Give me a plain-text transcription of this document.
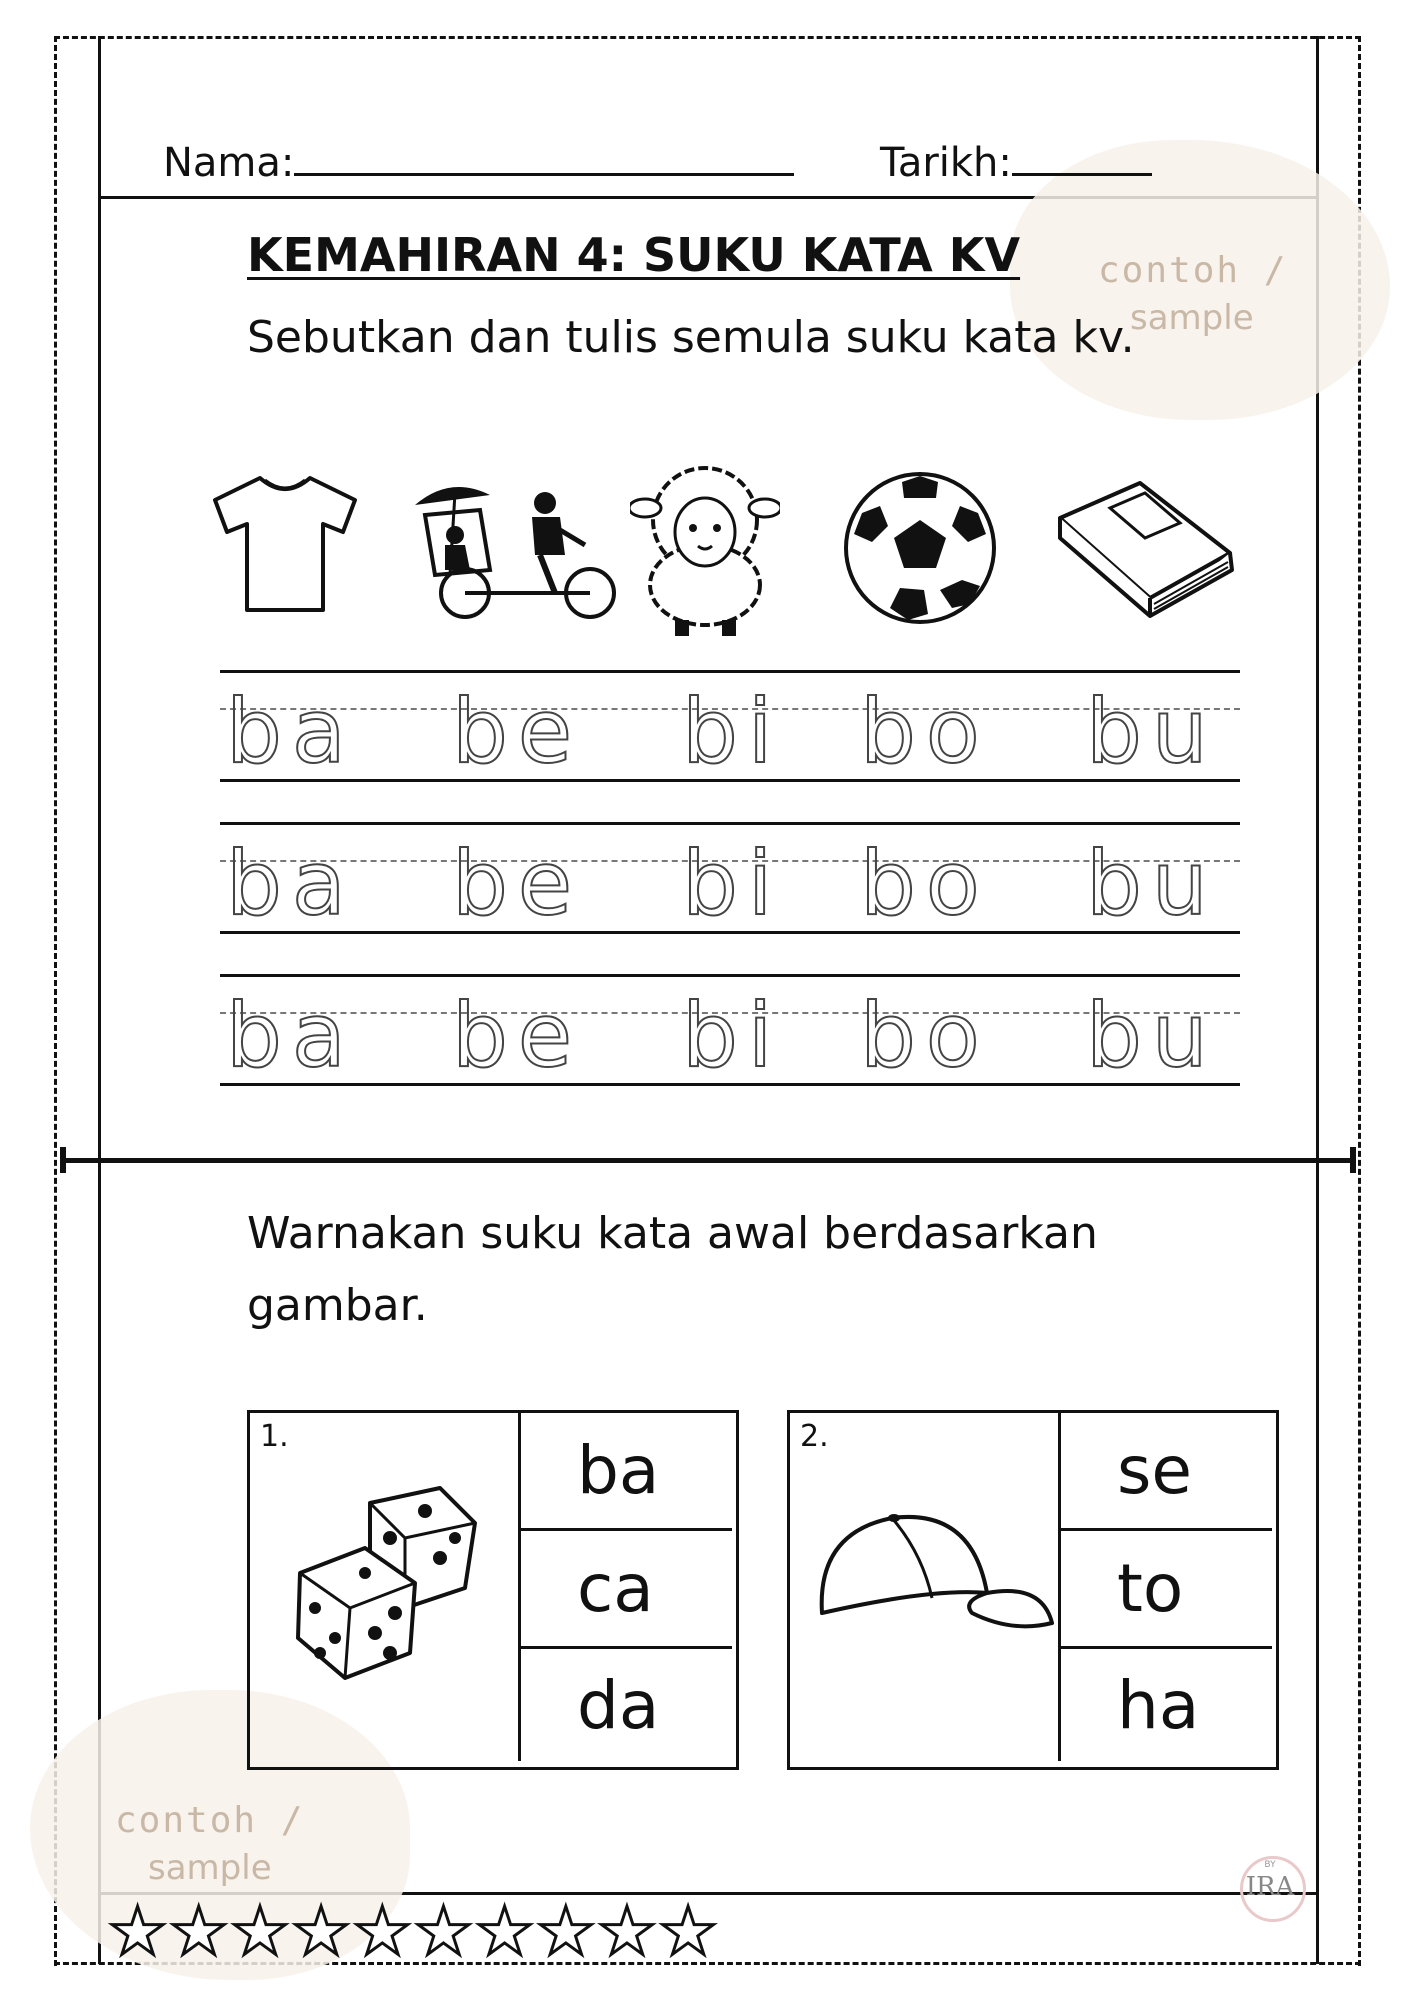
Nama:	Tarikh:
KEMAHIRAN 4: SUKU KATA KV
Sebutkan dan tulis semula suku kata kv.
contoh /
sample
ba be bi bo bu
ba be bi bo bu
ba be bi bo bu
Warnakan suku kata awal berdasarkan
gambar.
1.	ba
ca
da
2.	se
to
ha
contoh /
sample	BY
IRA
★ ★ ★ ★ ★ ★ ★ ★ ★ ★
